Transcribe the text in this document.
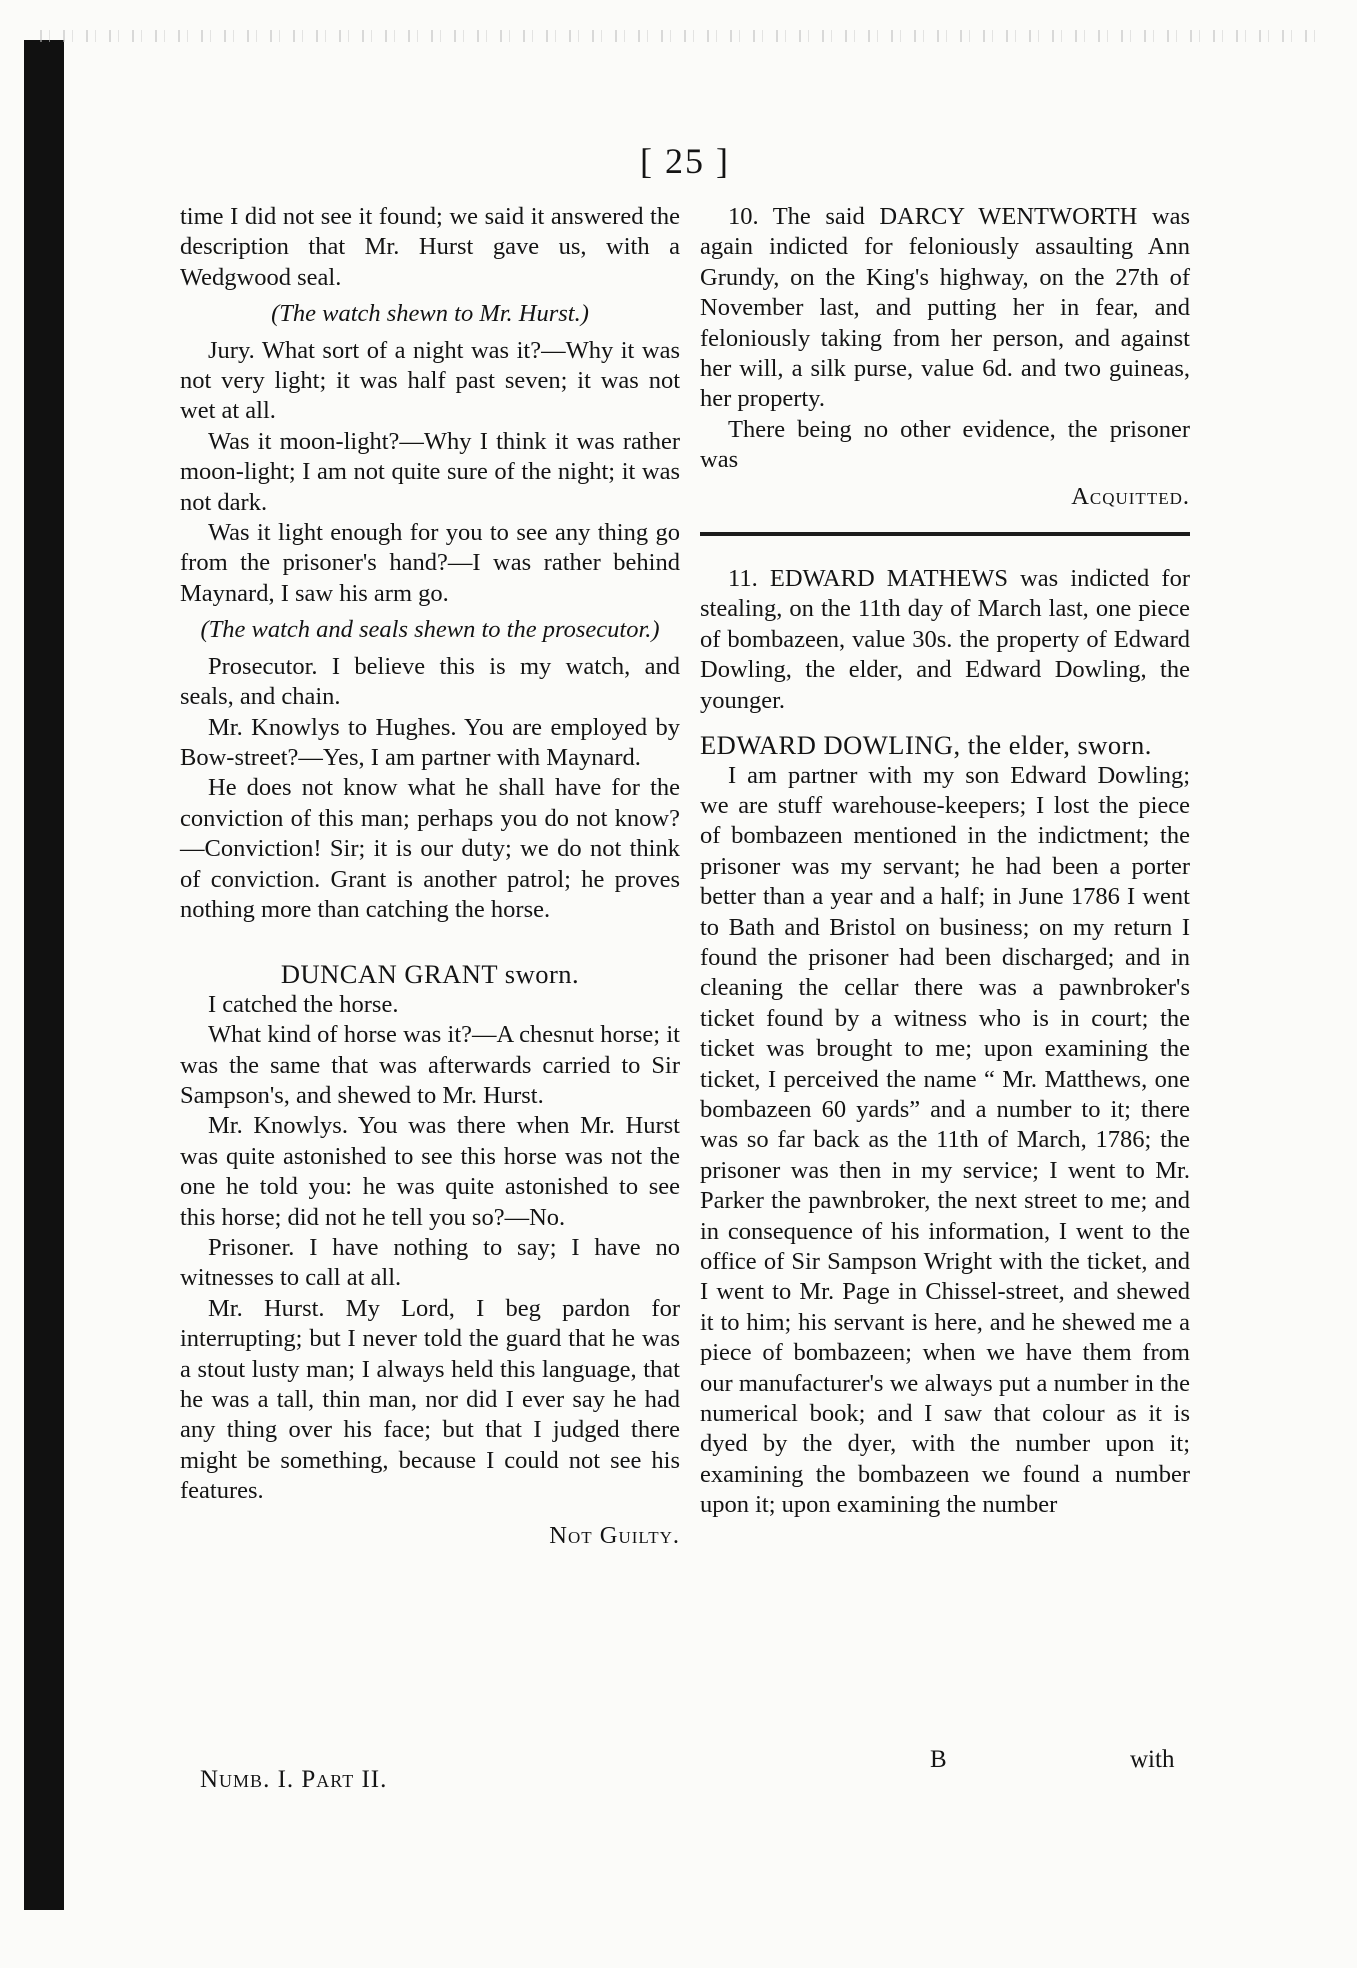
[ 25 ]

time I did not see it found; we said it answered the description that Mr. Hurst gave us, with a Wedgwood seal.

(The watch shewn to Mr. Hurst.)

Jury. What sort of a night was it?—Why it was not very light; it was half past seven; it was not wet at all.

Was it moon-light?—Why I think it was rather moon-light; I am not quite sure of the night; it was not dark.

Was it light enough for you to see any thing go from the prisoner's hand?—I was rather behind Maynard, I saw his arm go.

(The watch and seals shewn to the prosecutor.)

Prosecutor. I believe this is my watch, and seals, and chain.

Mr. Knowlys to Hughes. You are employed by Bow-street?—Yes, I am partner with Maynard.

He does not know what he shall have for the conviction of this man; perhaps you do not know?—Conviction! Sir; it is our duty; we do not think of conviction. Grant is another patrol; he proves nothing more than catching the horse.

DUNCAN GRANT sworn.

I catched the horse.

What kind of horse was it?—A chesnut horse; it was the same that was afterwards carried to Sir Sampson's, and shewed to Mr. Hurst.

Mr. Knowlys. You was there when Mr. Hurst was quite astonished to see this horse was not the one he told you: he was quite astonished to see this horse; did not he tell you so?—No.

Prisoner. I have nothing to say; I have no witnesses to call at all.

Mr. Hurst. My Lord, I beg pardon for interrupting; but I never told the guard that he was a stout lusty man; I always held this language, that he was a tall, thin man, nor did I ever say he had any thing over his face; but that I judged there might be something, because I could not see his features.

Not Guilty.

10. The said DARCY WENTWORTH was again indicted for feloniously assaulting Ann Grundy, on the King's highway, on the 27th of November last, and putting her in fear, and feloniously taking from her person, and against her will, a silk purse, value 6d. and two guineas, her property.

There being no other evidence, the prisoner was

Acquitted.

11. EDWARD MATHEWS was indicted for stealing, on the 11th day of March last, one piece of bombazeen, value 30s. the property of Edward Dowling, the elder, and Edward Dowling, the younger.

EDWARD DOWLING, the elder, sworn.

I am partner with my son Edward Dowling; we are stuff warehouse-keepers; I lost the piece of bombazeen mentioned in the indictment; the prisoner was my servant; he had been a porter better than a year and a half; in June 1786 I went to Bath and Bristol on business; on my return I found the prisoner had been discharged; and in cleaning the cellar there was a pawnbroker's ticket found by a witness who is in court; the ticket was brought to me; upon examining the ticket, I perceived the name “ Mr. Matthews, one bombazeen 60 yards” and a number to it; there was so far back as the 11th of March, 1786; the prisoner was then in my service; I went to Mr. Parker the pawnbroker, the next street to me; and in consequence of his information, I went to the office of Sir Sampson Wright with the ticket, and I went to Mr. Page in Chissel-street, and shewed it to him; his servant is here, and he shewed me a piece of bombazeen; when we have them from our manufacturer's we always put a number in the numerical book; and I saw that colour as it is dyed by the dyer, with the number upon it; examining the bombazeen we found a number upon it; upon examining the number

Numb. I. Part II.
B	with
